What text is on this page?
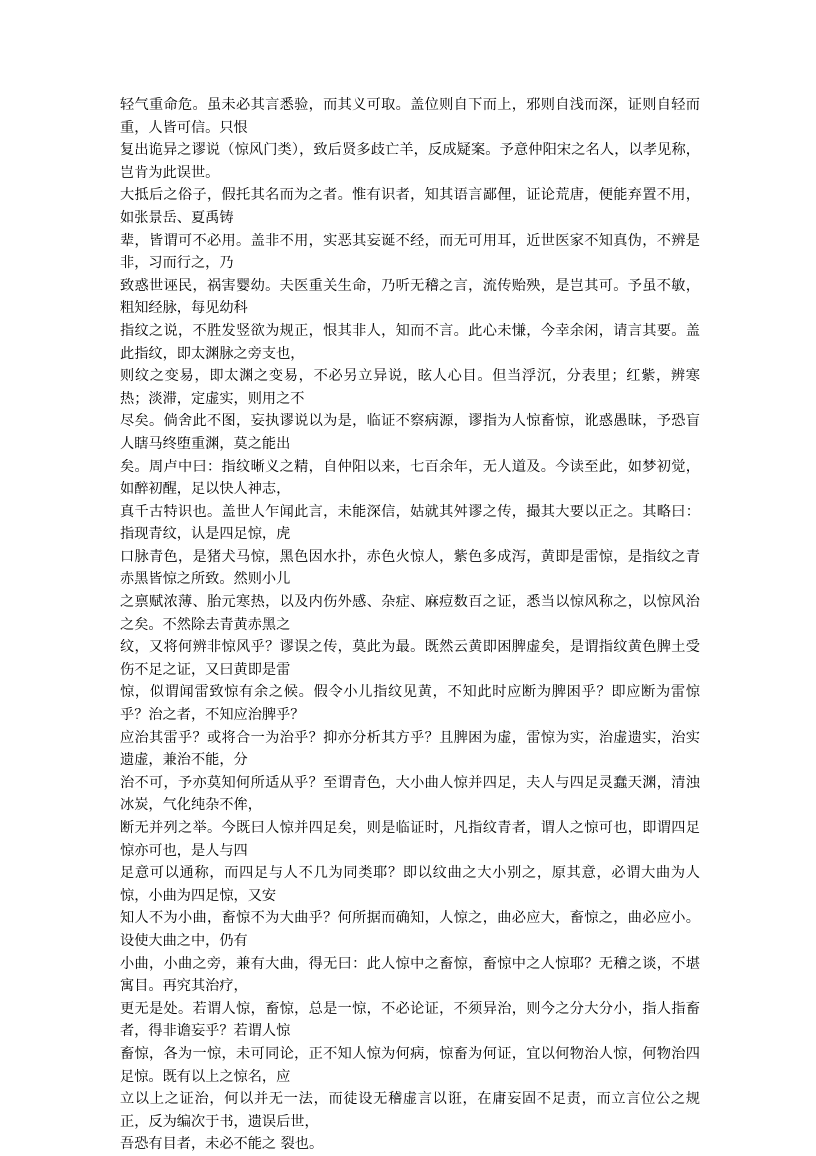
轻气重命危。虽未必其言悉验，而其义可取。盖位则自下而上，邪则自浅而深，证则自轻而重，人皆可信。只恨

复出诡异之谬说（惊风门类），致后贤多歧亡羊，反成疑案。予意仲阳宋之名人，以孝见称，岂肯为此误世。

大抵后之俗子，假托其名而为之者。惟有识者，知其语言鄙俚，证论荒唐，便能弃置不用，如张景岳、夏禹铸

辈，皆谓可不必用。盖非不用，实恶其妄诞不经，而无可用耳，近世医家不知真伪，不辨是非，习而行之，乃

致惑世诬民，祸害婴幼。夫医重关生命，乃听无稽之言，流传贻殃，是岂其可。予虽不敏，粗知经脉，每见幼科

指纹之说，不胜发竖欲为规正，恨其非人，知而不言。此心未慊，今幸余闲，请言其要。盖此指纹，即太渊脉之旁支也，

则纹之变易，即太渊之变易，不必另立异说，眩人心目。但当浮沉，分表里；红紫，辨寒热；淡滞，定虚实，则用之不

尽矣。倘舍此不图，妄执谬说以为是，临证不察病源，谬指为人惊畜惊，讹惑愚昧，予恐盲人瞎马终堕重渊，莫之能出

矣。周卢中曰：指纹晰义之精，自仲阳以来，七百余年，无人道及。今读至此，如梦初觉，如醉初醒，足以快人神志，

真千古特识也。盖世人乍闻此言，未能深信，姑就其舛谬之传，撮其大要以正之。其略曰：指现青纹，认是四足惊，虎

口脉青色，是猪犬马惊，黑色因水扑，赤色火惊人，紫色多成泻，黄即是雷惊，是指纹之青赤黑皆惊之所致。然则小儿

之禀赋浓薄、胎元寒热，以及内伤外感、杂症、麻痘数百之证，悉当以惊风称之，以惊风治之矣。不然除去青黄赤黑之

纹，又将何辨非惊风乎？谬误之传，莫此为最。既然云黄即困脾虚矣，是谓指纹黄色脾土受伤不足之证，又曰黄即是雷

惊，似谓闻雷致惊有余之候。假令小儿指纹见黄，不知此时应断为脾困乎？即应断为雷惊乎？治之者，不知应治脾乎？

应治其雷乎？或将合一为治乎？抑亦分析其方乎？且脾困为虚，雷惊为实，治虚遗实，治实遗虚，兼治不能，分

治不可，予亦莫知何所适从乎？至谓青色，大小曲人惊并四足，夫人与四足灵蠢天渊，清浊冰炭，气化纯杂不侔，

断无并列之举。今既曰人惊并四足矣，则是临证时，凡指纹青者，谓人之惊可也，即谓四足惊亦可也，是人与四

足意可以通称，而四足与人不几为同类耶？即以纹曲之大小别之，原其意，必谓大曲为人惊，小曲为四足惊，又安

知人不为小曲，畜惊不为大曲乎？何所据而确知，人惊之，曲必应大，畜惊之，曲必应小。设使大曲之中，仍有

小曲，小曲之旁，兼有大曲，得无曰：此人惊中之畜惊，畜惊中之人惊耶？无稽之谈，不堪寓目。再究其治疗，

更无是处。若谓人惊，畜惊，总是一惊，不必论证，不须异治，则今之分大分小，指人指畜者，得非谵妄乎？若谓人惊

畜惊，各为一惊，未可同论，正不知人惊为何病，惊畜为何证，宜以何物治人惊，何物治四足惊。既有以上之惊名，应

立以上之证治，何以并无一法，而徒设无稽虚言以诳，在庸妄固不足责，而立言位公之规正，反为编次于书，遗误后世，

吾恐有目者，未必不能之 裂也。
